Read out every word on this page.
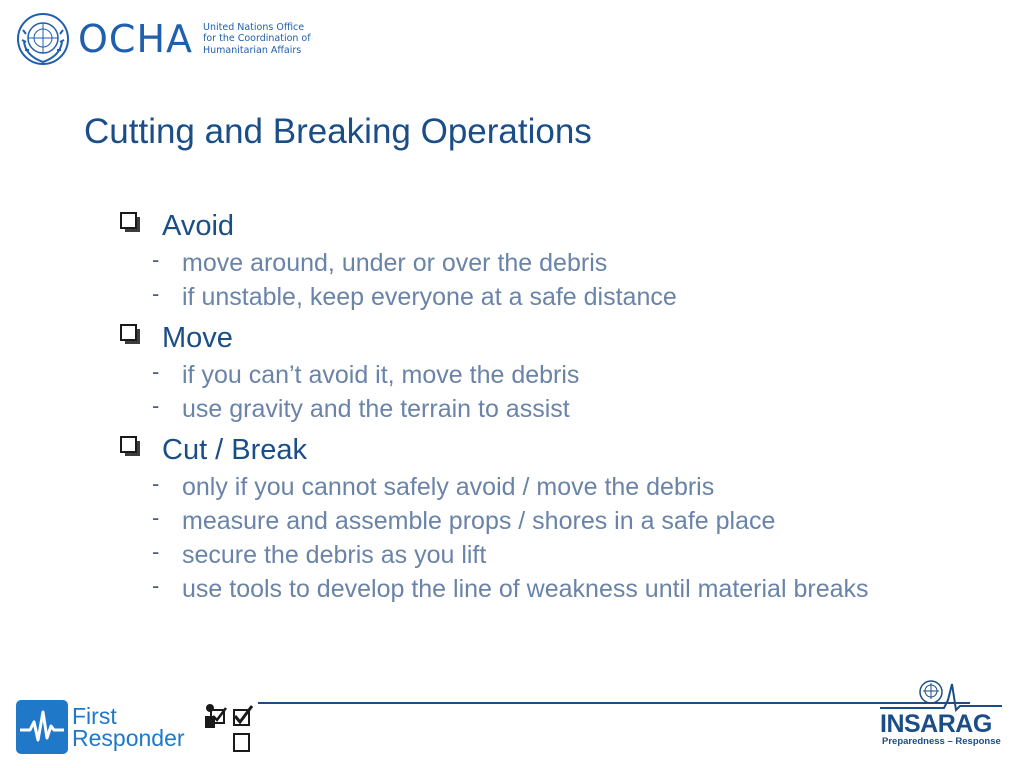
OCHA United Nations Office
for the Coordination of
Humanitarian Affairs
Cutting and Breaking Operations
Avoid
- move around, under or over the debris
- if unstable, keep everyone at a safe distance
Move
- if you can’t avoid it, move the debris
- use gravity and the terrain to assist
Cut / Break
- only if you cannot safely avoid / move the debris
- measure and assemble props / shores in a safe place
- secure the debris as you lift
- use tools to develop the line of weakness until material breaks
First
Responder	INSARAG
Preparedness – Response
